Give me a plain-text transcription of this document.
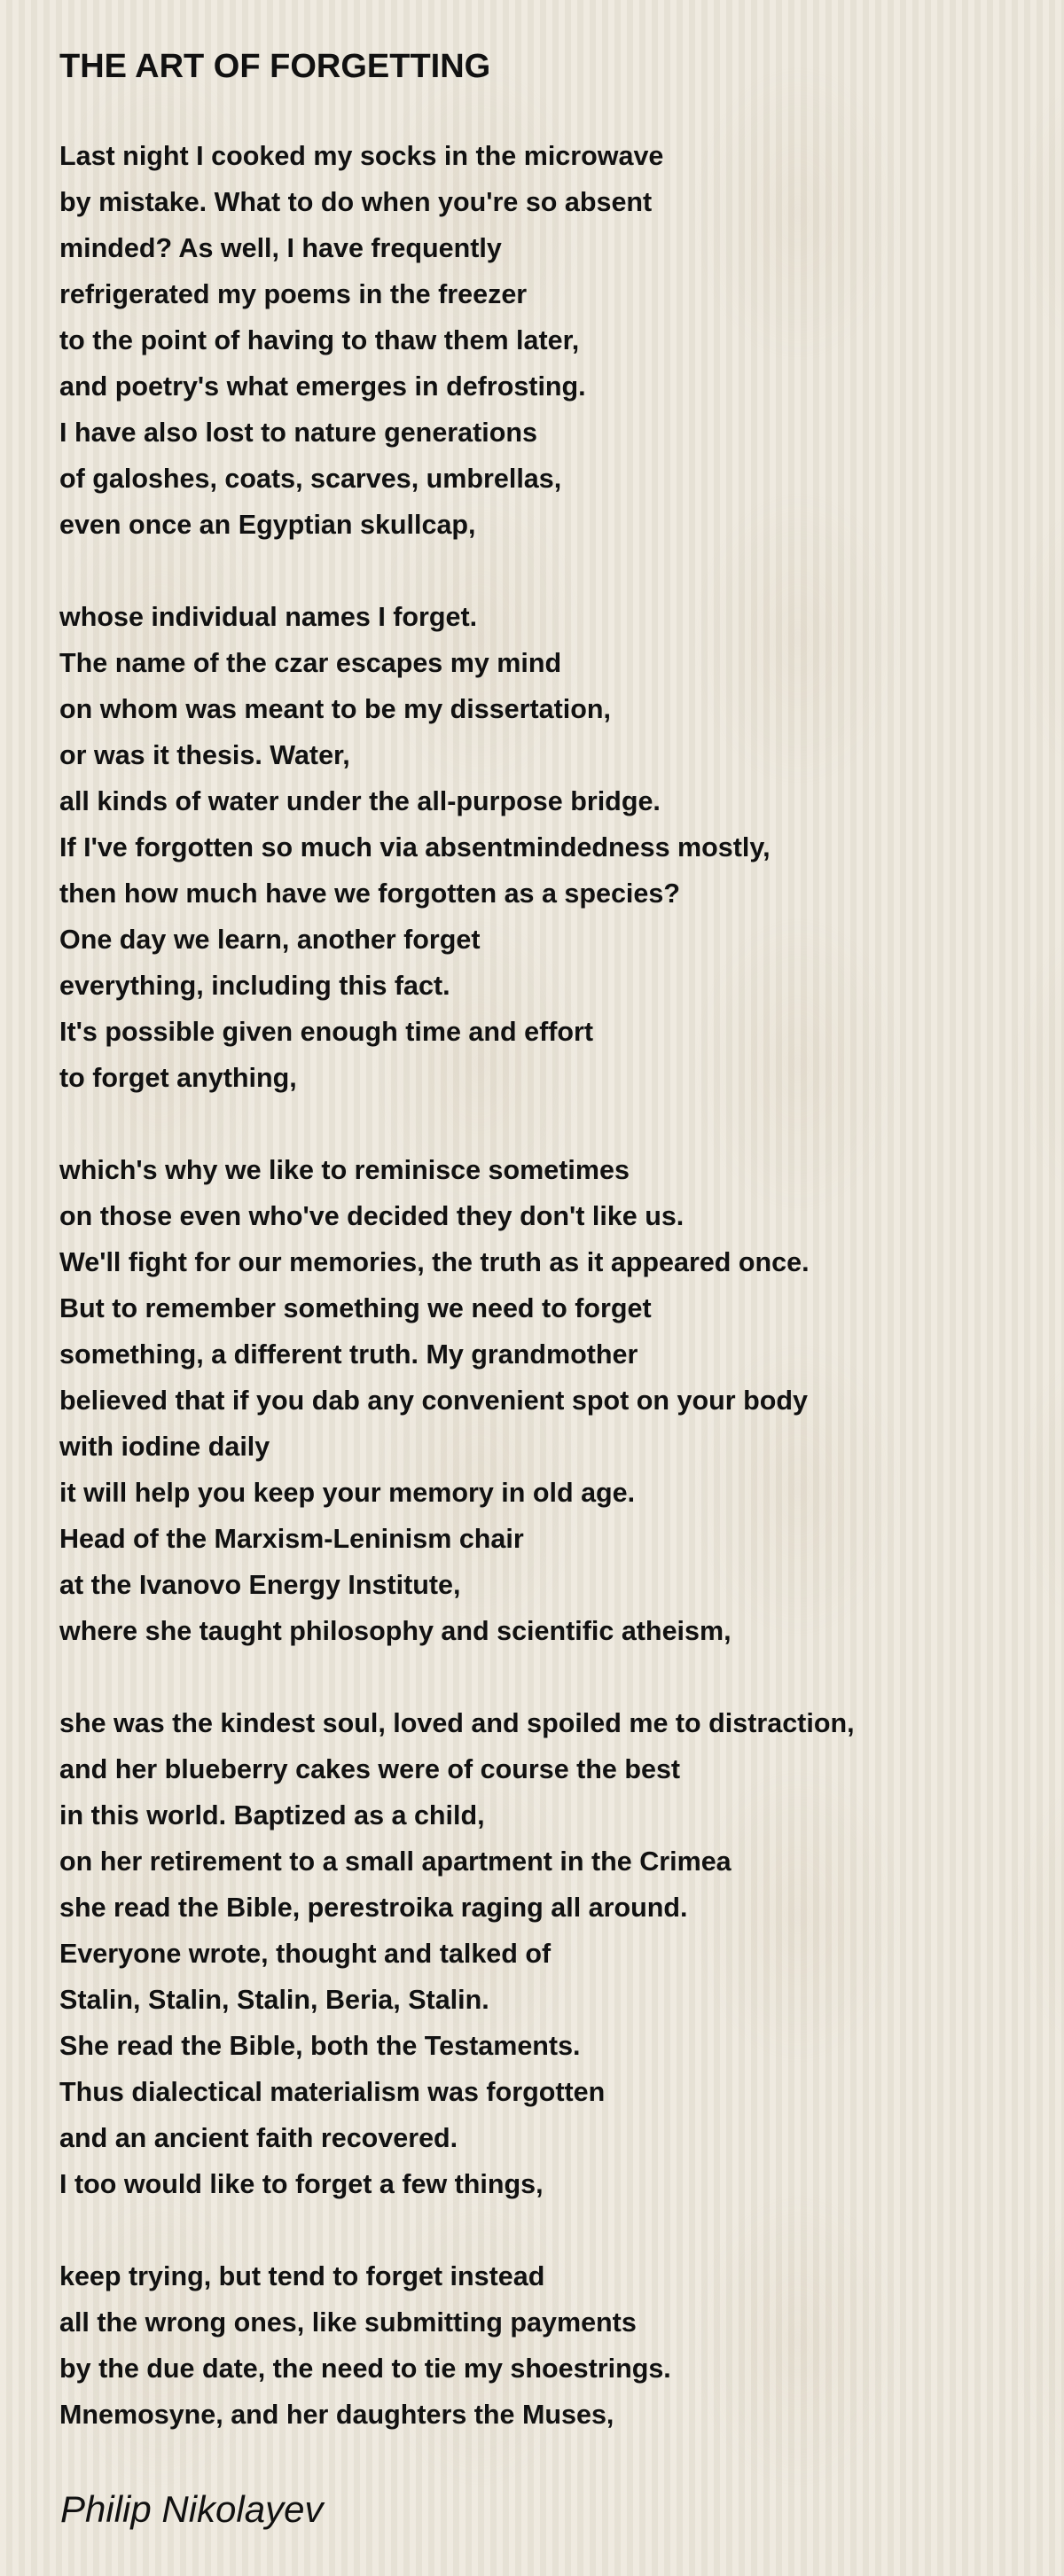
THE ART OF FORGETTING
Last night I cooked my socks in the microwave
by mistake. What to do when you're so absent
minded? As well, I have frequently
refrigerated my poems in the freezer
to the point of having to thaw them later,
and poetry's what emerges in defrosting.
I have also lost to nature generations
of galoshes, coats, scarves, umbrellas,
even once an Egyptian skullcap,
whose individual names I forget.
The name of the czar escapes my mind
on whom was meant to be my dissertation,
or was it thesis. Water,
all kinds of water under the all-purpose bridge.
If I've forgotten so much via absentmindedness mostly,
then how much have we forgotten as a species?
One day we learn, another forget
everything, including this fact.
It's possible given enough time and effort
to forget anything,
which's why we like to reminisce sometimes
on those even who've decided they don't like us.
We'll fight for our memories, the truth as it appeared once.
But to remember something we need to forget
something, a different truth. My grandmother
believed that if you dab any convenient spot on your body
with iodine daily
it will help you keep your memory in old age.
Head of the Marxism-Leninism chair
at the Ivanovo Energy Institute,
where she taught philosophy and scientific atheism,
she was the kindest soul, loved and spoiled me to distraction,
and her blueberry cakes were of course the best
in this world. Baptized as a child,
on her retirement to a small apartment in the Crimea
she read the Bible, perestroika raging all around.
Everyone wrote, thought and talked of
Stalin, Stalin, Stalin, Beria, Stalin.
She read the Bible, both the Testaments.
Thus dialectical materialism was forgotten
and an ancient faith recovered.
I too would like to forget a few things,
keep trying, but tend to forget instead
all the wrong ones, like submitting payments
by the due date, the need to tie my shoestrings.
Mnemosyne, and her daughters the Muses,

Philip Nikolayev
